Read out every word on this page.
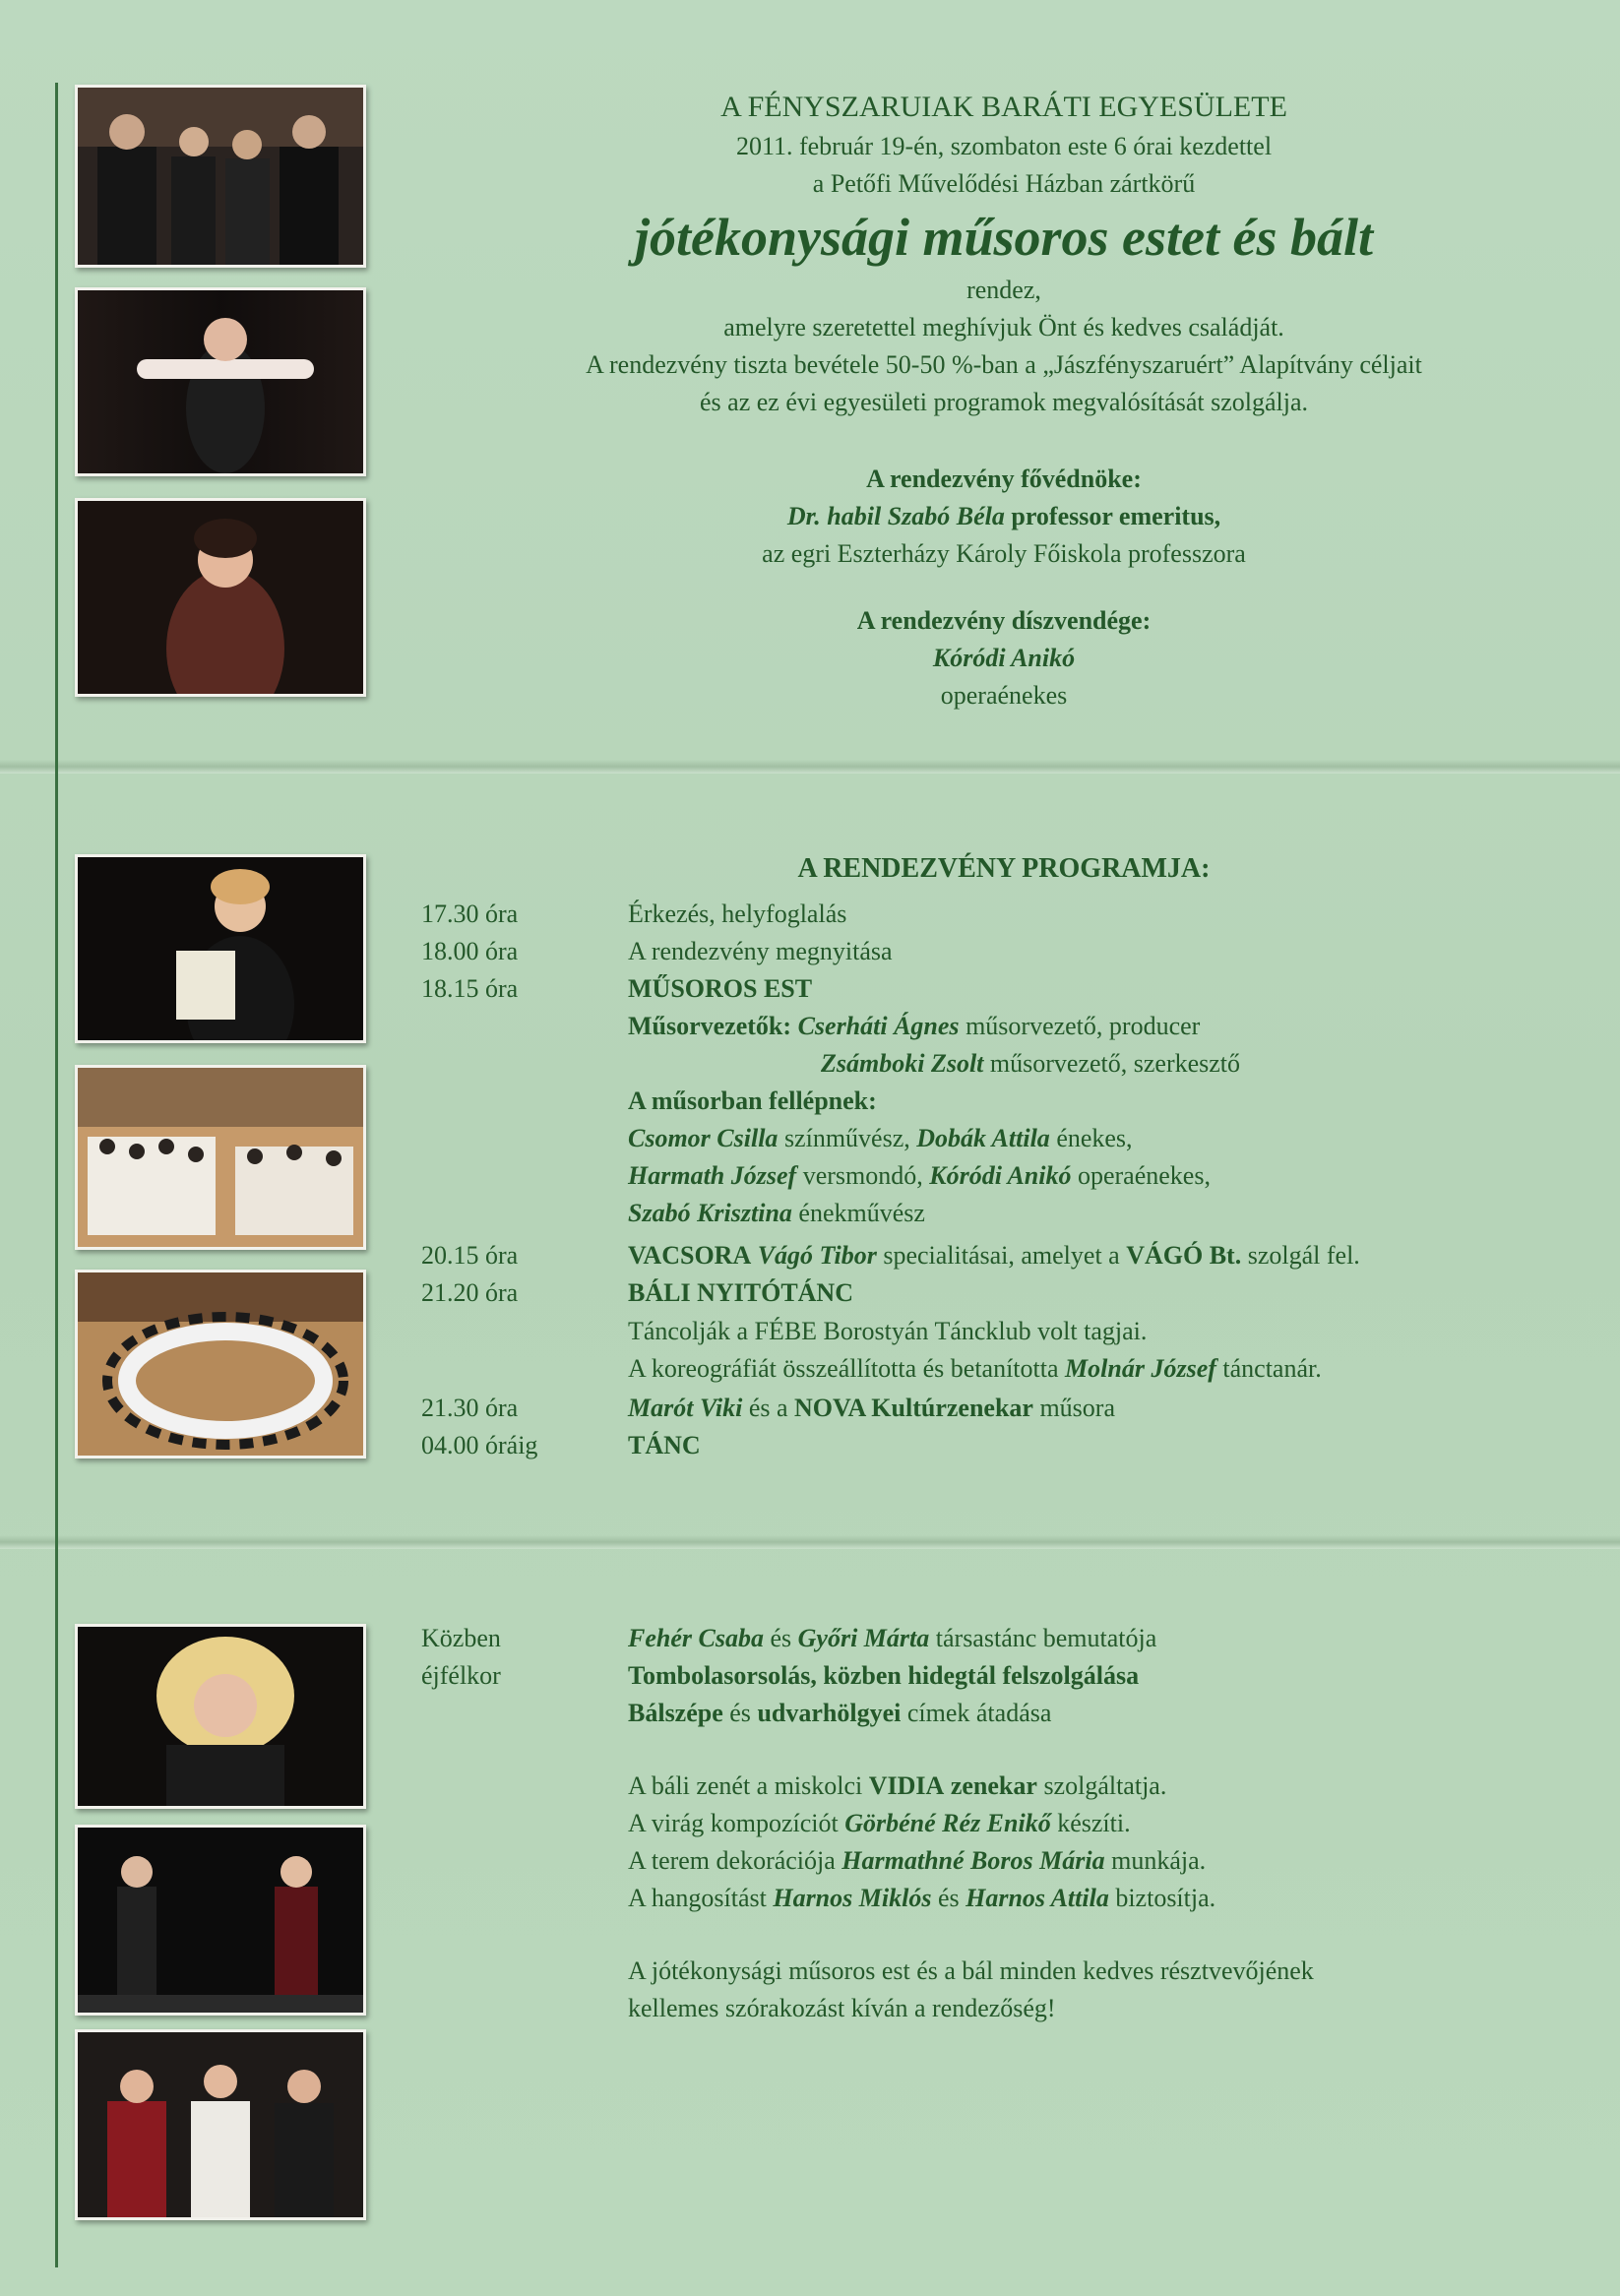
A FÉNYSZARUIAK BARÁTI EGYESÜLETE
2011. február 19-én, szombaton este 6 órai kezdettel
a Petőfi Művelődési Házban zártkörű
jótékonysági műsoros estet és bált
rendez,
amelyre szeretettel meghívjuk Önt és kedves családját.
A rendezvény tiszta bevétele 50-50 %-ban a „Jászfényszaruért” Alapítvány céljait
és az ez évi egyesületi programok megvalósítását szolgálja.
A rendezvény fővédnöke:
Dr. habil Szabó Béla professor emeritus,
az egri Eszterházy Károly Főiskola professzora
A rendezvény díszvendége:
Kóródi Anikó
operaénekes
A RENDEZVÉNY PROGRAMJA:
17.30 óra	Érkezés, helyfoglalás
18.00 óra	A rendezvény megnyitása
18.15 óra	MŰSOROS EST
Műsorvezetők: Cserháti Ágnes műsorvezető, producer
Zsámboki Zsolt műsorvezető, szerkesztő
A műsorban fellépnek:
Csomor Csilla színművész, Dobák Attila énekes,
Harmath József versmondó, Kóródi Anikó operaénekes,
Szabó Krisztina énekművész
20.15 óra	VACSORA Vágó Tibor specialitásai, amelyet a VÁGÓ Bt. szolgál fel.
21.20 óra	BÁLI NYITÓTÁNC
Táncolják a FÉBE Borostyán Táncklub volt tagjai.
A koreográfiát összeállította és betanította Molnár József tánctanár.
21.30 óra	Marót Viki és a NOVA Kultúrzenekar műsora
04.00 óráig	TÁNC
Közben	Fehér Csaba és Győri Márta társastánc bemutatója
éjfélkor	Tombolasorsolás, közben hidegtál felszolgálása
Bálszépe és udvarhölgyei címek átadása
A báli zenét a miskolci VIDIA zenekar szolgáltatja.
A virág kompozíciót Görbéné Réz Enikő készíti.
A terem dekorációja Harmathné Boros Mária munkája.
A hangosítást Harnos Miklós és Harnos Attila biztosítja.
A jótékonysági műsoros est és a bál minden kedves résztvevőjének
kellemes szórakozást kíván a rendezőség!
